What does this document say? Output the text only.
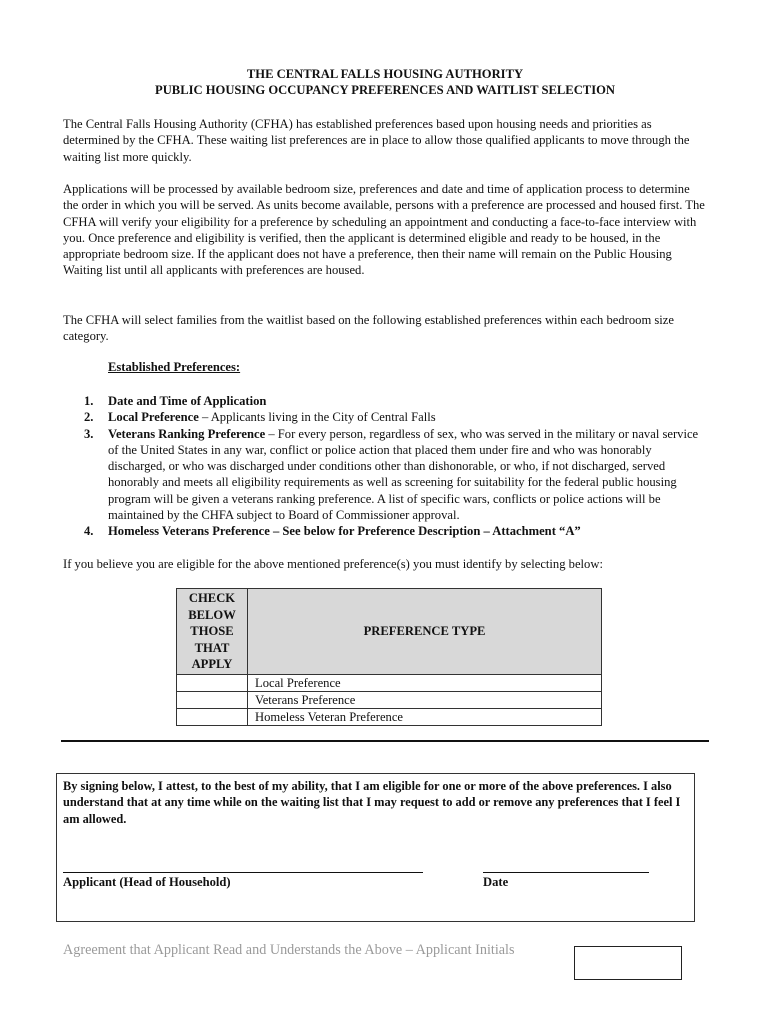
THE CENTRAL FALLS HOUSING AUTHORITY
PUBLIC HOUSING OCCUPANCY PREFERENCES AND WAITLIST SELECTION

The Central Falls Housing Authority (CFHA) has established preferences based upon housing needs and priorities as determined by the CFHA. These waiting list preferences are in place to allow those qualified applicants to move through the waiting list more quickly.

Applications will be processed by available bedroom size, preferences and date and time of application process to determine the order in which you will be served. As units become available, persons with a preference are processed and housed first. The CFHA will verify your eligibility for a preference by scheduling an appointment and conducting a face-to-face interview with you. Once preference and eligibility is verified, then the applicant is determined eligible and ready to be housed, in the appropriate bedroom size. If the applicant does not have a preference, then their name will remain on the Public Housing Waiting list until all applicants with preferences are housed.

The CFHA will select families from the waitlist based on the following established preferences within each bedroom size category.

Established Preferences:
1. Date and Time of Application
2. Local Preference – Applicants living in the City of Central Falls
3. Veterans Ranking Preference – For every person, regardless of sex, who was served in the military or naval service of the United States in any war, conflict or police action that placed them under fire and who was honorably discharged, or who was discharged under conditions other than dishonorable, or who, if not discharged, served honorably and meets all eligibility requirements as well as screening for suitability for the federal public housing program will be given a veterans ranking preference. A list of specific wars, conflicts or police actions will be maintained by the CHFA subject to Board of Commissioner approval.
4. Homeless Veterans Preference – See below for Preference Description – Attachment “A”
If you believe you are eligible for the above mentioned preference(s) you must identify by selecting below:
CHECK
BELOW
THOSE
THAT
APPLY	PREFERENCE TYPE
	Local Preference
	Veterans Preference
	Homeless Veteran Preference

By signing below, I attest, to the best of my ability, that I am eligible for one or more of the above preferences. I also understand that at any time while on the waiting list that I may request to add or remove any preferences that I feel I am allowed.

Applicant (Head of Household)	Date
Agreement that Applicant Read and Understands the Above – Applicant Initials
